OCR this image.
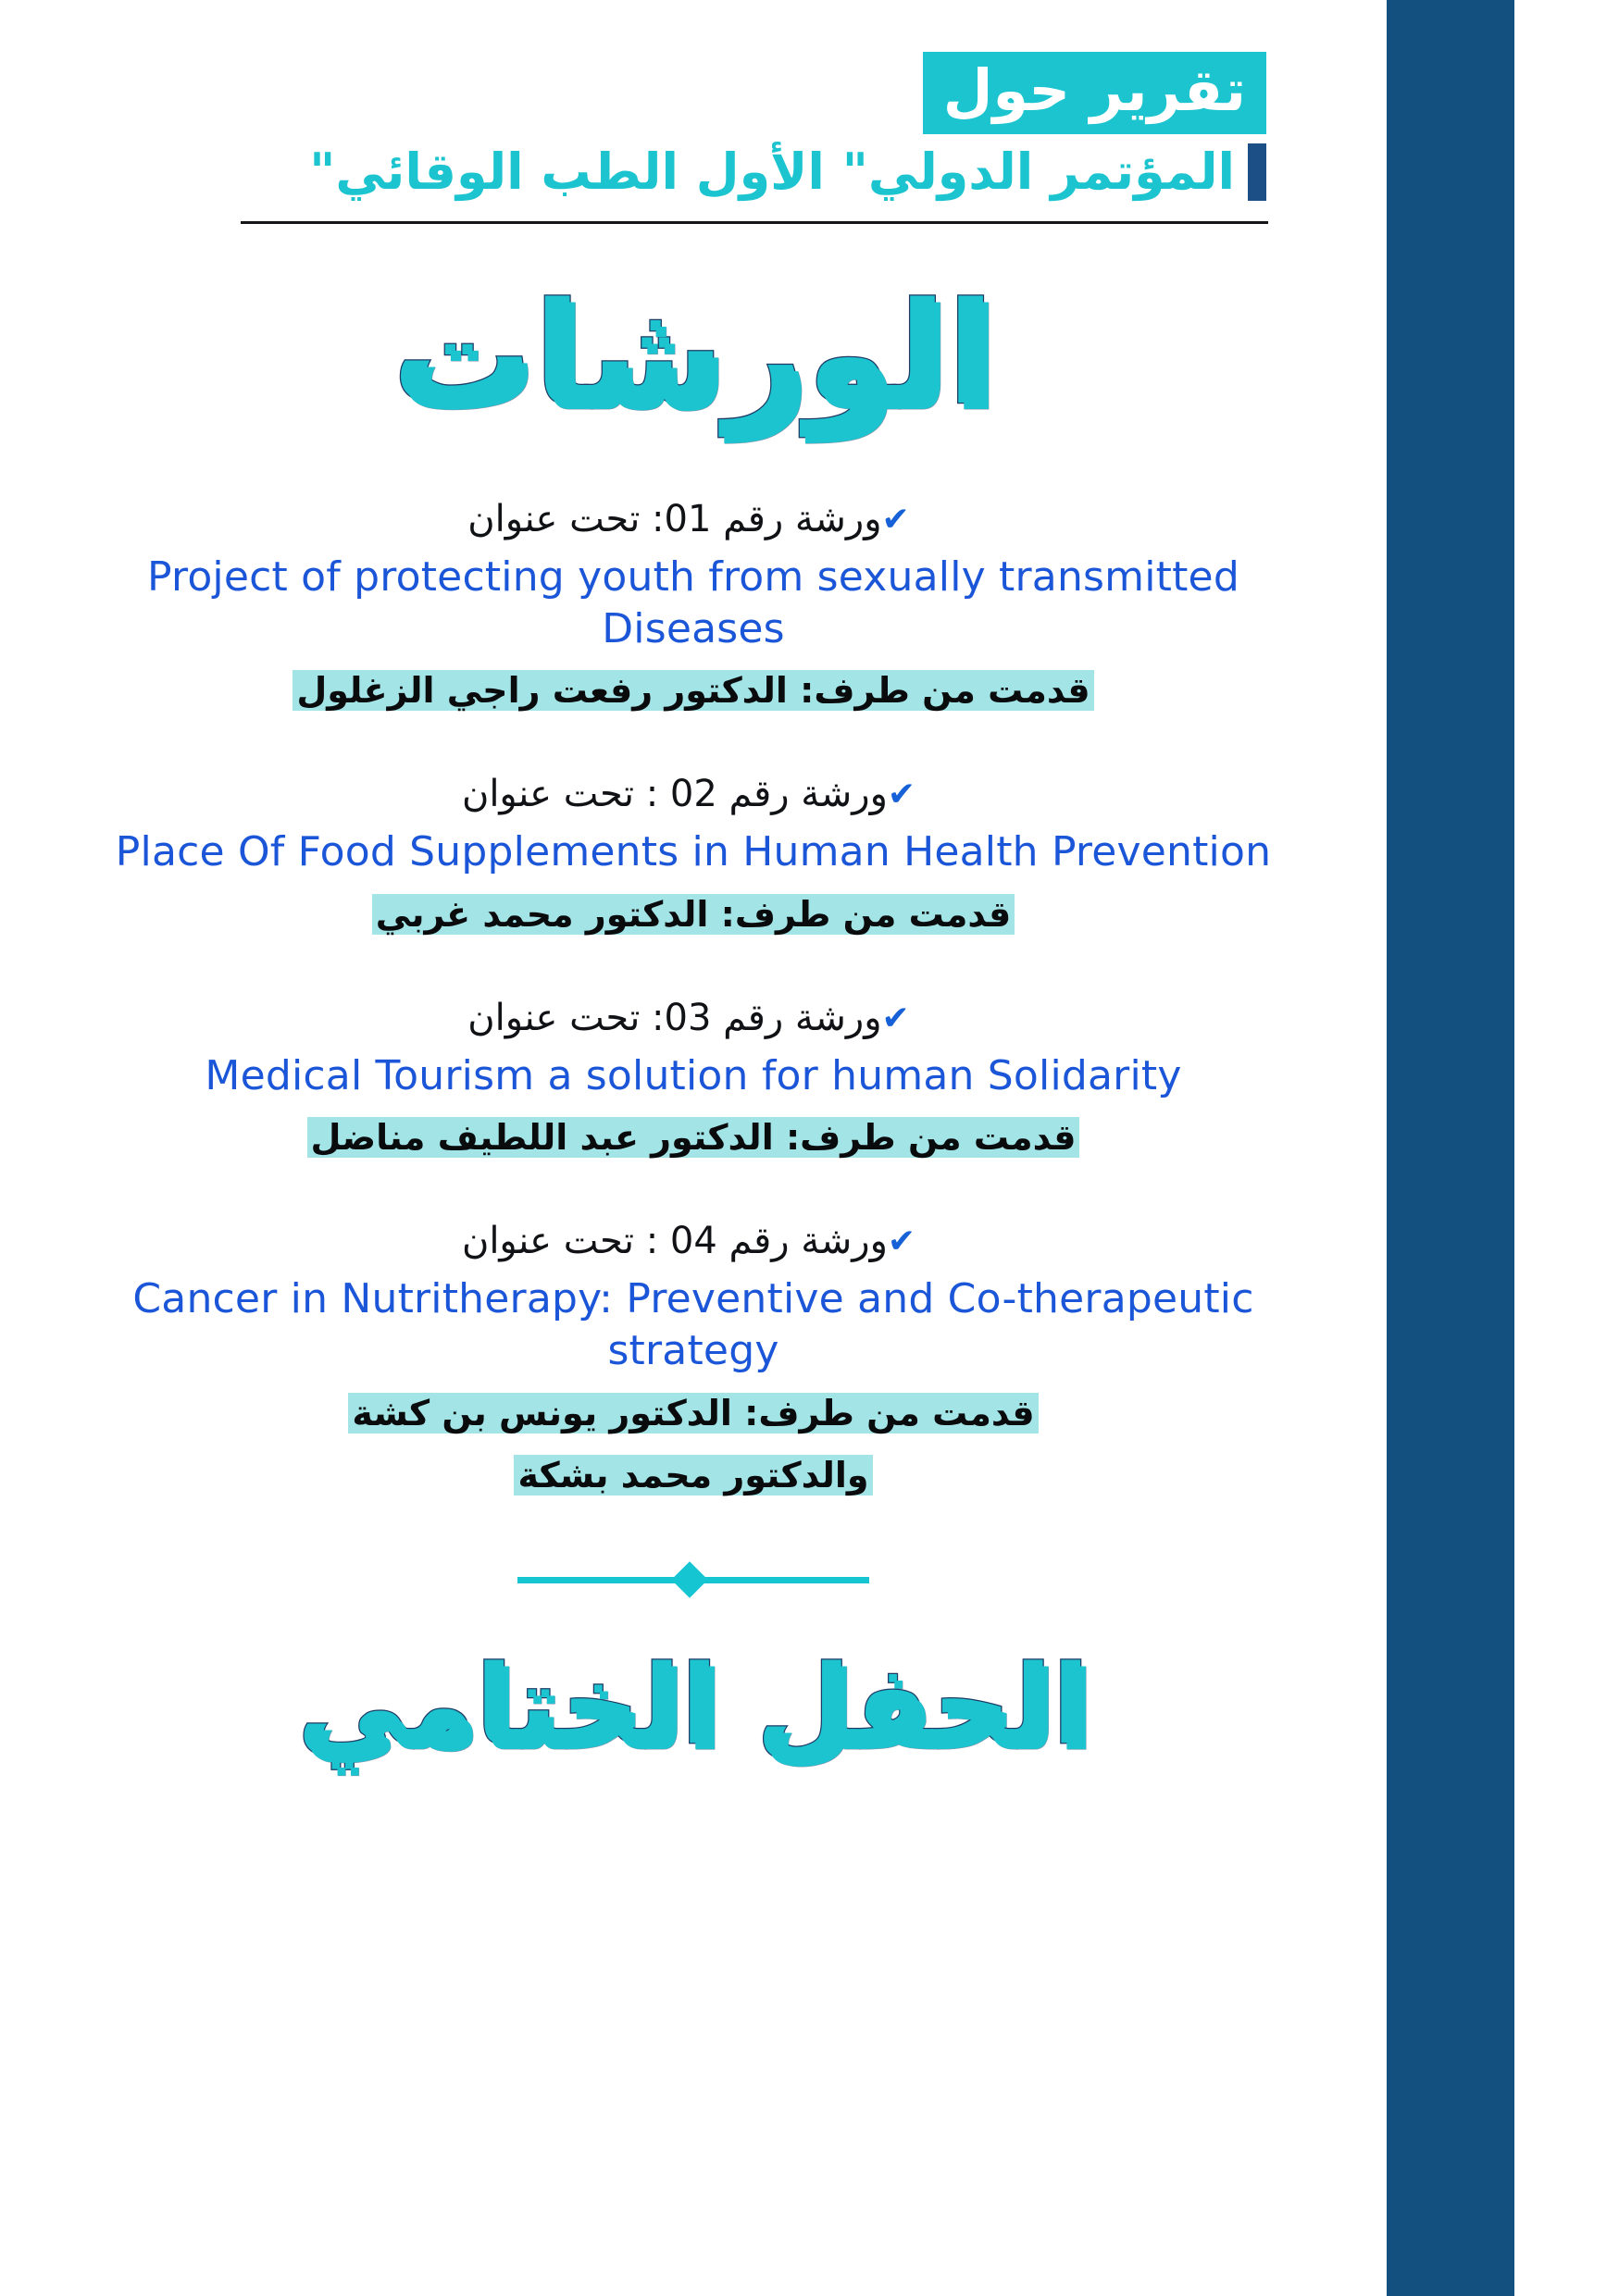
تقرير حول
المؤتمر الدولي" الأول الطب الوقائي"
الورشات
✔ورشة رقم 01: تحت عنوان
Project of protecting youth from sexually transmitted Diseases
قدمت من طرف: الدكتور رفعت راجي الزغلول
✔ورشة رقم 02 : تحت عنوان
Place Of Food Supplements in Human Health Prevention
قدمت من طرف: الدكتور محمد غربي
✔ورشة رقم 03: تحت عنوان
Medical Tourism a solution for human Solidarity
قدمت من طرف: الدكتور عبد اللطيف مناضل
✔ورشة رقم 04 : تحت عنوان
Cancer in Nutritherapy: Preventive and Co-therapeutic strategy
قدمت من طرف: الدكتور يونس بن كشة
والدكتور محمد بشكة
الحفل الختامي
